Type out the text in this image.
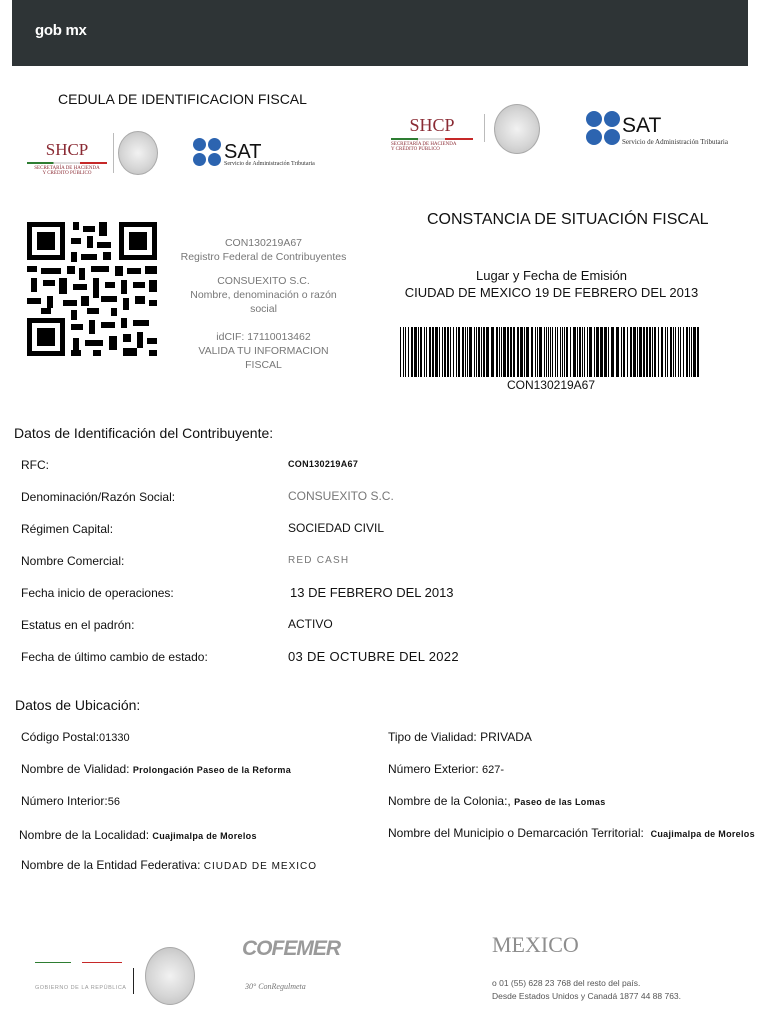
gob mx
CEDULA DE IDENTIFICACION FISCAL
SHCP
SECRETARÍA DE HACIENDA
Y CRÉDITO PÚBLICO
SAT
Servicio de Administración Tributaria
SHCP
SECRETARÍA DE HACIENDA
Y CRÉDITO PÚBLICO
SAT
Servicio de Administración Tributaria
CON130219A67
Registro Federal de Contribuyentes
CONSUEXITO S.C.
Nombre, denominación o razón
social
idCIF: 17110013462
VALIDA TU INFORMACION
FISCAL
CONSTANCIA DE SITUACIÓN FISCAL
Lugar y Fecha de Emisión
CIUDAD DE MEXICO 19 DE FEBRERO DEL 2013
CON130219A67
Datos de Identificación del Contribuyente:
RFC:	CON130219A67
Denominación/Razón Social:	CONSUEXITO S.C.
Régimen Capital:	SOCIEDAD CIVIL
Nombre Comercial:	RED CASH
Fecha inicio de operaciones:	13 DE FEBRERO DEL 2013
Estatus en el padrón:	ACTIVO
Fecha de último cambio de estado:	03 DE OCTUBRE DEL 2022
Datos de Ubicación:
Código Postal:01330	Tipo de Vialidad: PRIVADA
Nombre de Vialidad: Prolongación Paseo de la Reforma	Número Exterior: 627-
Número Interior:56	Nombre de la Colonia:, Paseo de las Lomas
Nombre de la Localidad: Cuajimalpa de Morelos	Nombre del Municipio o Demarcación Territorial: Cuajimalpa de Morelos
Nombre de la Entidad Federativa: CIUDAD DE MEXICO
GOBIERNO DE LA REPÚBLICA
COFEMER
30° ConRegulmeta
MEXICO
o 01 (55) 628 23 768 del resto del país.
Desde Estados Unidos y Canadá 1877 44 88 763.
